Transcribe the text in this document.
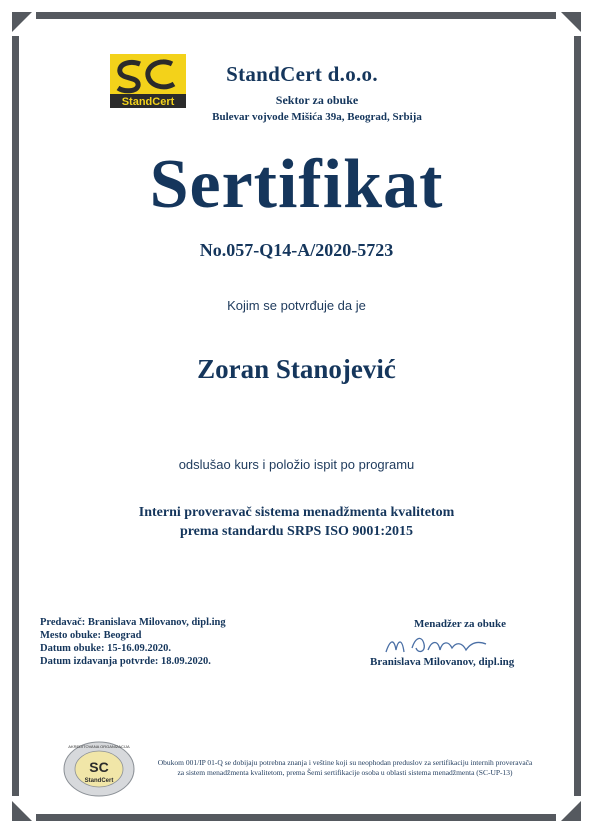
StandCert
StandCert d.o.o.
Sektor za obuke
Bulevar vojvode Mišića 39a, Beograd, Srbija
Sertifikat
No.057-Q14-A/2020-5723
Kojim se potvrđuje da je
Zoran Stanojević
odslušao kurs i položio ispit po programu
Interni proveravač sistema menadžmenta kvalitetom
prema standardu SRPS ISO 9001:2015
Predavač: Branislava Milovanov, dipl.ing
Mesto obuke: Beograd
Datum obuke: 15-16.09.2020.
Datum izdavanja potvrde: 18.09.2020.
Menadžer za obuke
Branislava Milovanov, dipl.ing
AKREDITOVANA ORGANIZACIJA
SC
StandCert
Obukom 001/IP 01-Q se dobijaju potrebna znanja i veštine koji su neophodan preduslov za sertifikaciju internih proveravača
za sistem menadžmenta kvalitetom, prema Šemi sertifikacije osoba u oblasti sistema menadžmenta (SC-UP-13)
